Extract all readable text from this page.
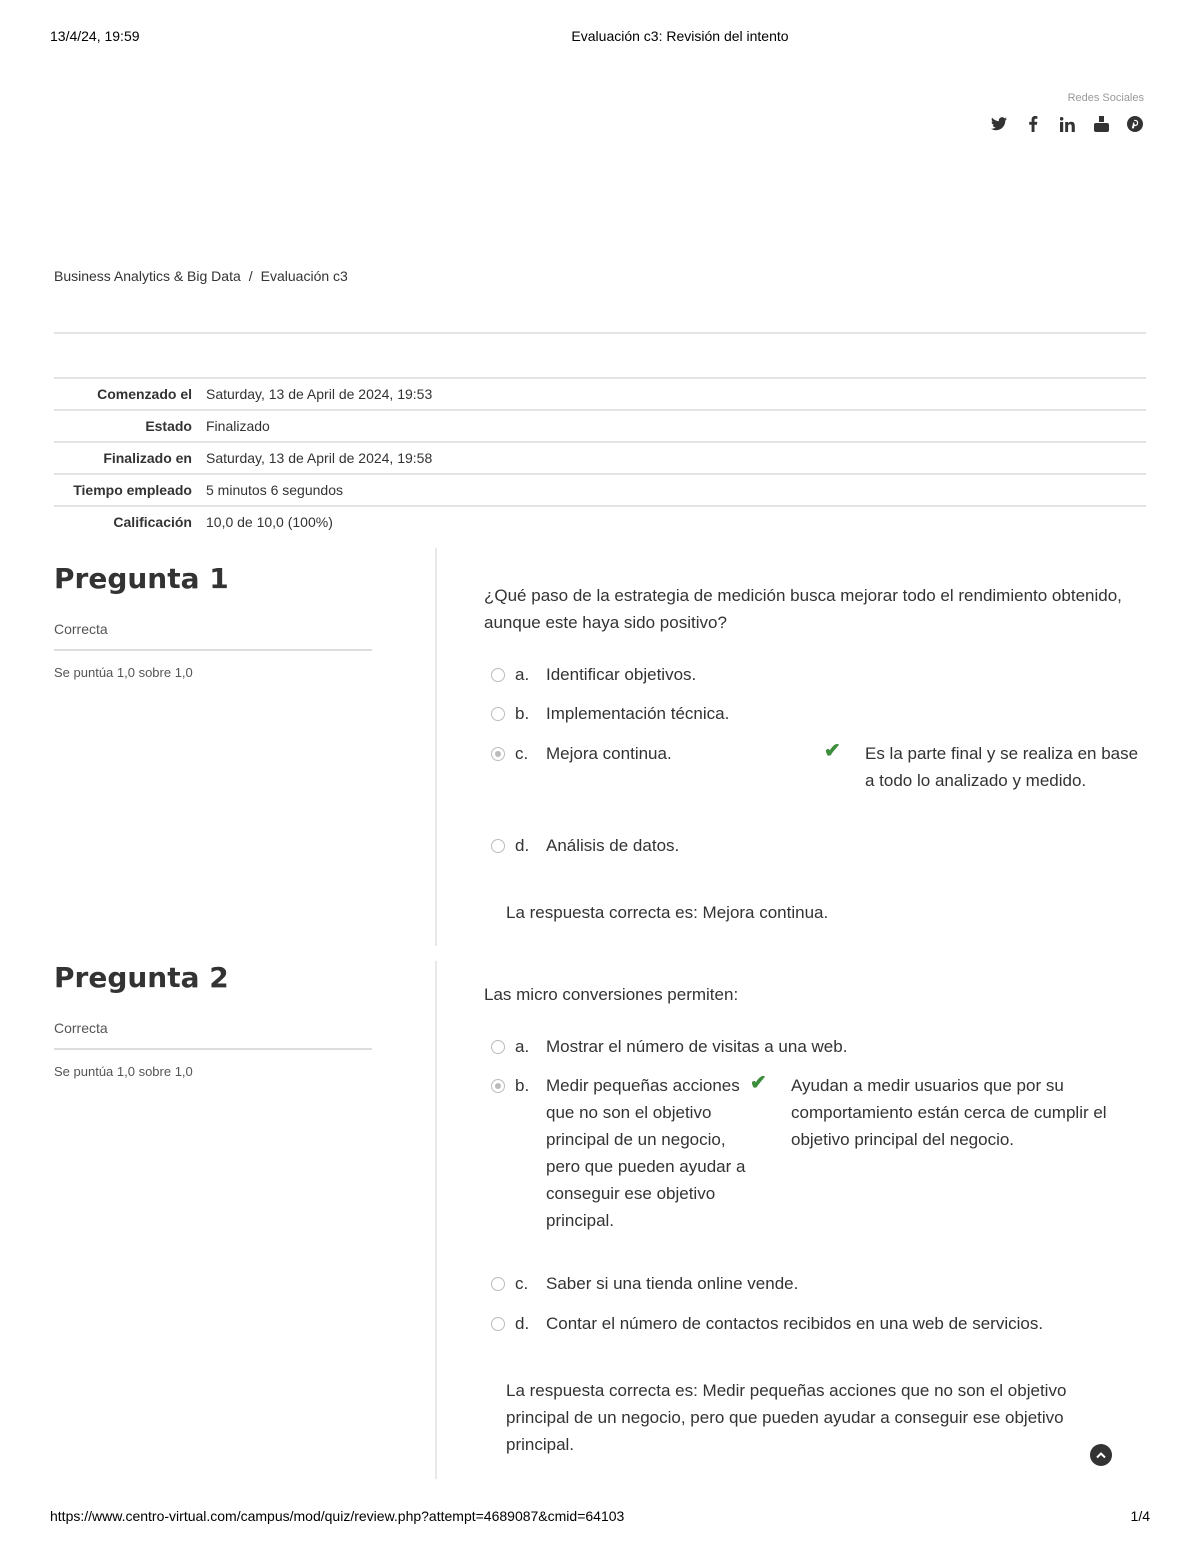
13/4/24, 19:59	Evaluación c3: Revisión del intento
Redes Sociales
Business Analytics & Big Data / Evaluación c3
Comenzado el	Saturday, 13 de April de 2024, 19:53
Estado	Finalizado
Finalizado en	Saturday, 13 de April de 2024, 19:58
Tiempo empleado	5 minutos 6 segundos
Calificación	10,0 de 10,0 (100%)
Pregunta 1
Correcta
Se puntúa 1,0 sobre 1,0
¿Qué paso de la estrategia de medición busca mejorar todo el rendimiento obtenido, aunque este haya sido positivo?
a. Identificar objetivos.
b. Implementación técnica.
c. Mejora continua.	✔ Es la parte final y se realiza en base a todo lo analizado y medido.
d. Análisis de datos.
La respuesta correcta es: Mejora continua.
Pregunta 2
Correcta
Se puntúa 1,0 sobre 1,0
Las micro conversiones permiten:
a. Mostrar el número de visitas a una web.
b. Medir pequeñas acciones que no son el objetivo principal de un negocio, pero que pueden ayudar a conseguir ese objetivo principal.
✔ Ayudan a medir usuarios que por su comportamiento están cerca de cumplir el objetivo principal del negocio.
c. Saber si una tienda online vende.
d. Contar el número de contactos recibidos en una web de servicios.
La respuesta correcta es: Medir pequeñas acciones que no son el objetivo principal de un negocio, pero que pueden ayudar a conseguir ese objetivo principal.
https://www.centro-virtual.com/campus/mod/quiz/review.php?attempt=4689087&cmid=64103	1/4
